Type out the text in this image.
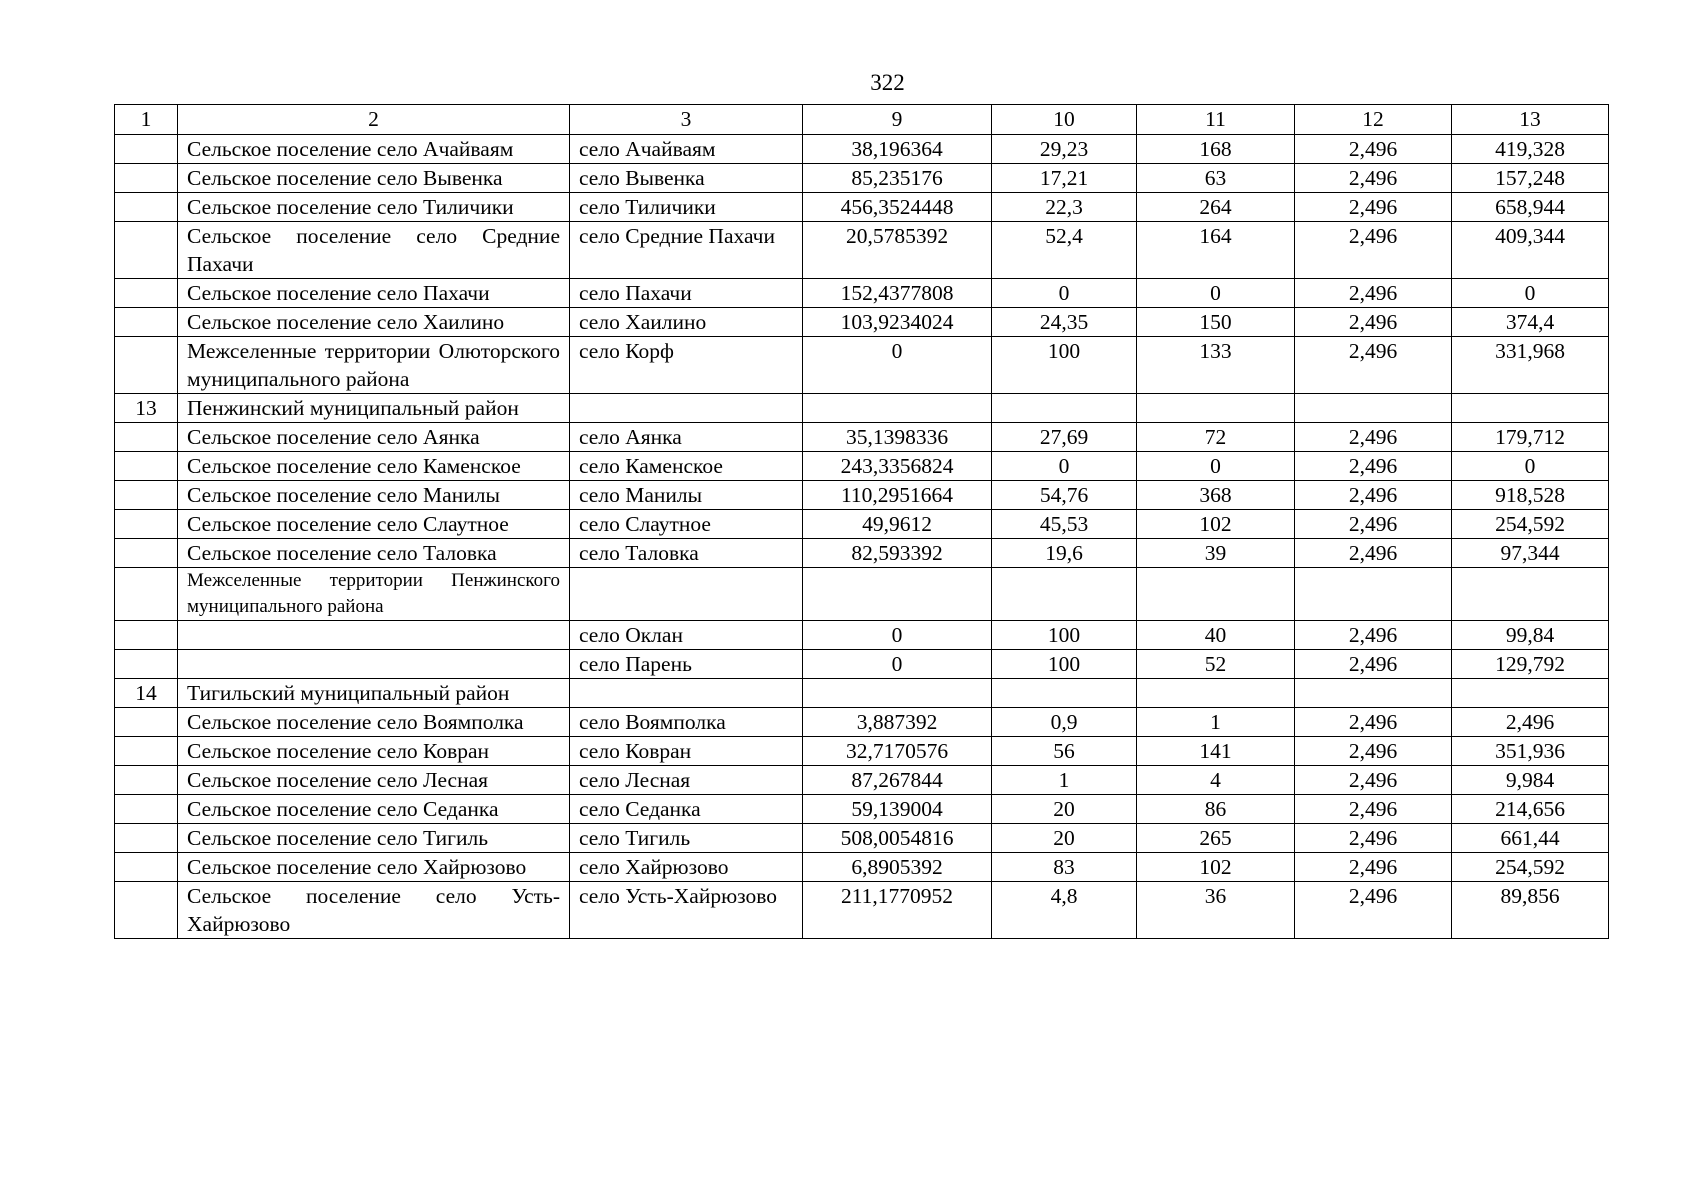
322
1	2	3	9	10	11	12	13
	Сельское поселение село Ачайваям	село Ачайваям	38,196364	29,23	168	2,496	419,328
	Сельское поселение село Вывенка	село Вывенка	85,235176	17,21	63	2,496	157,248
	Сельское поселение село Тиличики	село Тиличики	456,3524448	22,3	264	2,496	658,944
	Сельское поселение село Средние Пахачи	село Средние Пахачи	20,5785392	52,4	164	2,496	409,344
	Сельское поселение село Пахачи	село Пахачи	152,4377808	0	0	2,496	0
	Сельское поселение село Хаилино	село Хаилино	103,9234024	24,35	150	2,496	374,4
	Межселенные территории Олюторского муниципального района	село Корф	0	100	133	2,496	331,968
13	Пенжинский муниципальный район						
	Сельское поселение село Аянка	село Аянка	35,1398336	27,69	72	2,496	179,712
	Сельское поселение село Каменское	село Каменское	243,3356824	0	0	2,496	0
	Сельское поселение село Манилы	село Манилы	110,2951664	54,76	368	2,496	918,528
	Сельское поселение село Слаутное	село Слаутное	49,9612	45,53	102	2,496	254,592
	Сельское поселение село Таловка	село Таловка	82,593392	19,6	39	2,496	97,344
	Межселенные территории Пенжинского муниципального района						
		село Оклан	0	100	40	2,496	99,84
		село Парень	0	100	52	2,496	129,792
14	Тигильский муниципальный район						
	Сельское поселение село Воямполка	село Воямполка	3,887392	0,9	1	2,496	2,496
	Сельское поселение село Ковран	село Ковран	32,7170576	56	141	2,496	351,936
	Сельское поселение село Лесная	село Лесная	87,267844	1	4	2,496	9,984
	Сельское поселение село Седанка	село Седанка	59,139004	20	86	2,496	214,656
	Сельское поселение село Тигиль	село Тигиль	508,0054816	20	265	2,496	661,44
	Сельское поселение село Хайрюзово	село Хайрюзово	6,8905392	83	102	2,496	254,592
	Сельское поселение село Усть-Хайрюзово	село Усть-Хайрюзово	211,1770952	4,8	36	2,496	89,856
